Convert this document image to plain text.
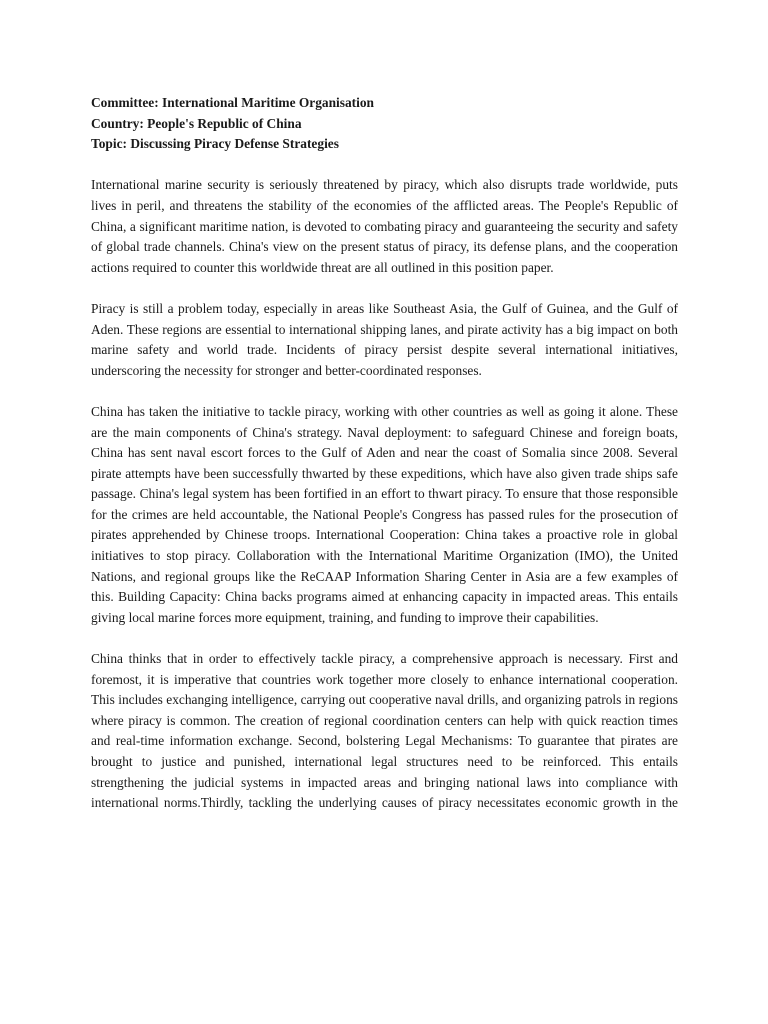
Committee: International Maritime Organisation

Country: People's Republic of China

Topic: Discussing Piracy Defense Strategies

International marine security is seriously threatened by piracy, which also disrupts trade worldwide, puts lives in peril, and threatens the stability of the economies of the afflicted areas. The People's Republic of China, a significant maritime nation, is devoted to combating piracy and guaranteeing the security and safety of global trade channels. China's view on the present status of piracy, its defense plans, and the cooperation actions required to counter this worldwide threat are all outlined in this position paper.

Piracy is still a problem today, especially in areas like Southeast Asia, the Gulf of Guinea, and the Gulf of Aden. These regions are essential to international shipping lanes, and pirate activity has a big impact on both marine safety and world trade. Incidents of piracy persist despite several international initiatives, underscoring the necessity for stronger and better-coordinated responses.

China has taken the initiative to tackle piracy, working with other countries as well as going it alone. These are the main components of China's strategy. Naval deployment: to safeguard Chinese and foreign boats, China has sent naval escort forces to the Gulf of Aden and near the coast of Somalia since 2008. Several pirate attempts have been successfully thwarted by these expeditions, which have also given trade ships safe passage. China's legal system has been fortified in an effort to thwart piracy. To ensure that those responsible for the crimes are held accountable, the National People's Congress has passed rules for the prosecution of pirates apprehended by Chinese troops. International Cooperation: China takes a proactive role in global initiatives to stop piracy. Collaboration with the International Maritime Organization (IMO), the United Nations, and regional groups like the ReCAAP Information Sharing Center in Asia are a few examples of this. Building Capacity: China backs programs aimed at enhancing capacity in impacted areas. This entails giving local marine forces more equipment, training, and funding to improve their capabilities.

China thinks that in order to effectively tackle piracy, a comprehensive approach is necessary. First and foremost, it is imperative that countries work together more closely to enhance international cooperation. This includes exchanging intelligence, carrying out cooperative naval drills, and organizing patrols in regions where piracy is common. The creation of regional coordination centers can help with quick reaction times and real-time information exchange. Second, bolstering Legal Mechanisms: To guarantee that pirates are brought to justice and punished, international legal structures need to be reinforced. This entails strengthening the judicial systems in impacted areas and bringing national laws into compliance with international norms.Thirdly, tackling the underlying causes of piracy necessitates economic growth in the
